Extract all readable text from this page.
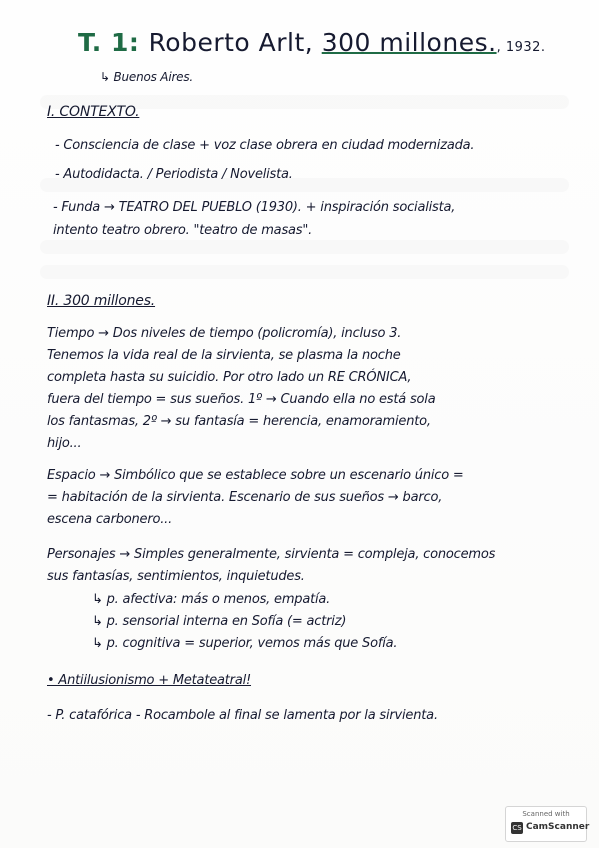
T. 1: Roberto Arlt, 300 millones., 1932.
↳ Buenos Aires.
I. CONTEXTO.
- Consciencia de clase + voz clase obrera en ciudad modernizada.
- Autodidacta. / Periodista / Novelista.
- Funda → TEATRO DEL PUEBLO (1930). + inspiración socialista,
intento teatro obrero. "teatro de masas".
II. 300 millones.
Tiempo → Dos niveles de tiempo (policromía), incluso 3.
Tenemos la vida real de la sirvienta, se plasma la noche
completa hasta su suicidio. Por otro lado un RE CRÓNICA,
fuera del tiempo = sus sueños. 1º → Cuando ella no está sola
los fantasmas, 2º → su fantasía = herencia, enamoramiento,
hijo...
Espacio → Simbólico que se establece sobre un escenario único =
= habitación de la sirvienta. Escenario de sus sueños → barco,
escena carbonero...
Personajes → Simples generalmente, sirvienta = compleja, conocemos
sus fantasías, sentimientos, inquietudes.
↳ p. afectiva: más o menos, empatía.
↳ p. sensorial interna en Sofía (= actriz)
↳ p. cognitiva = superior, vemos más que Sofía.
• Antiilusionismo + Metateatral!
- P. catafórica - Rocambole al final se lamenta por la sirvienta.
Scanned with
CS CamScanner
